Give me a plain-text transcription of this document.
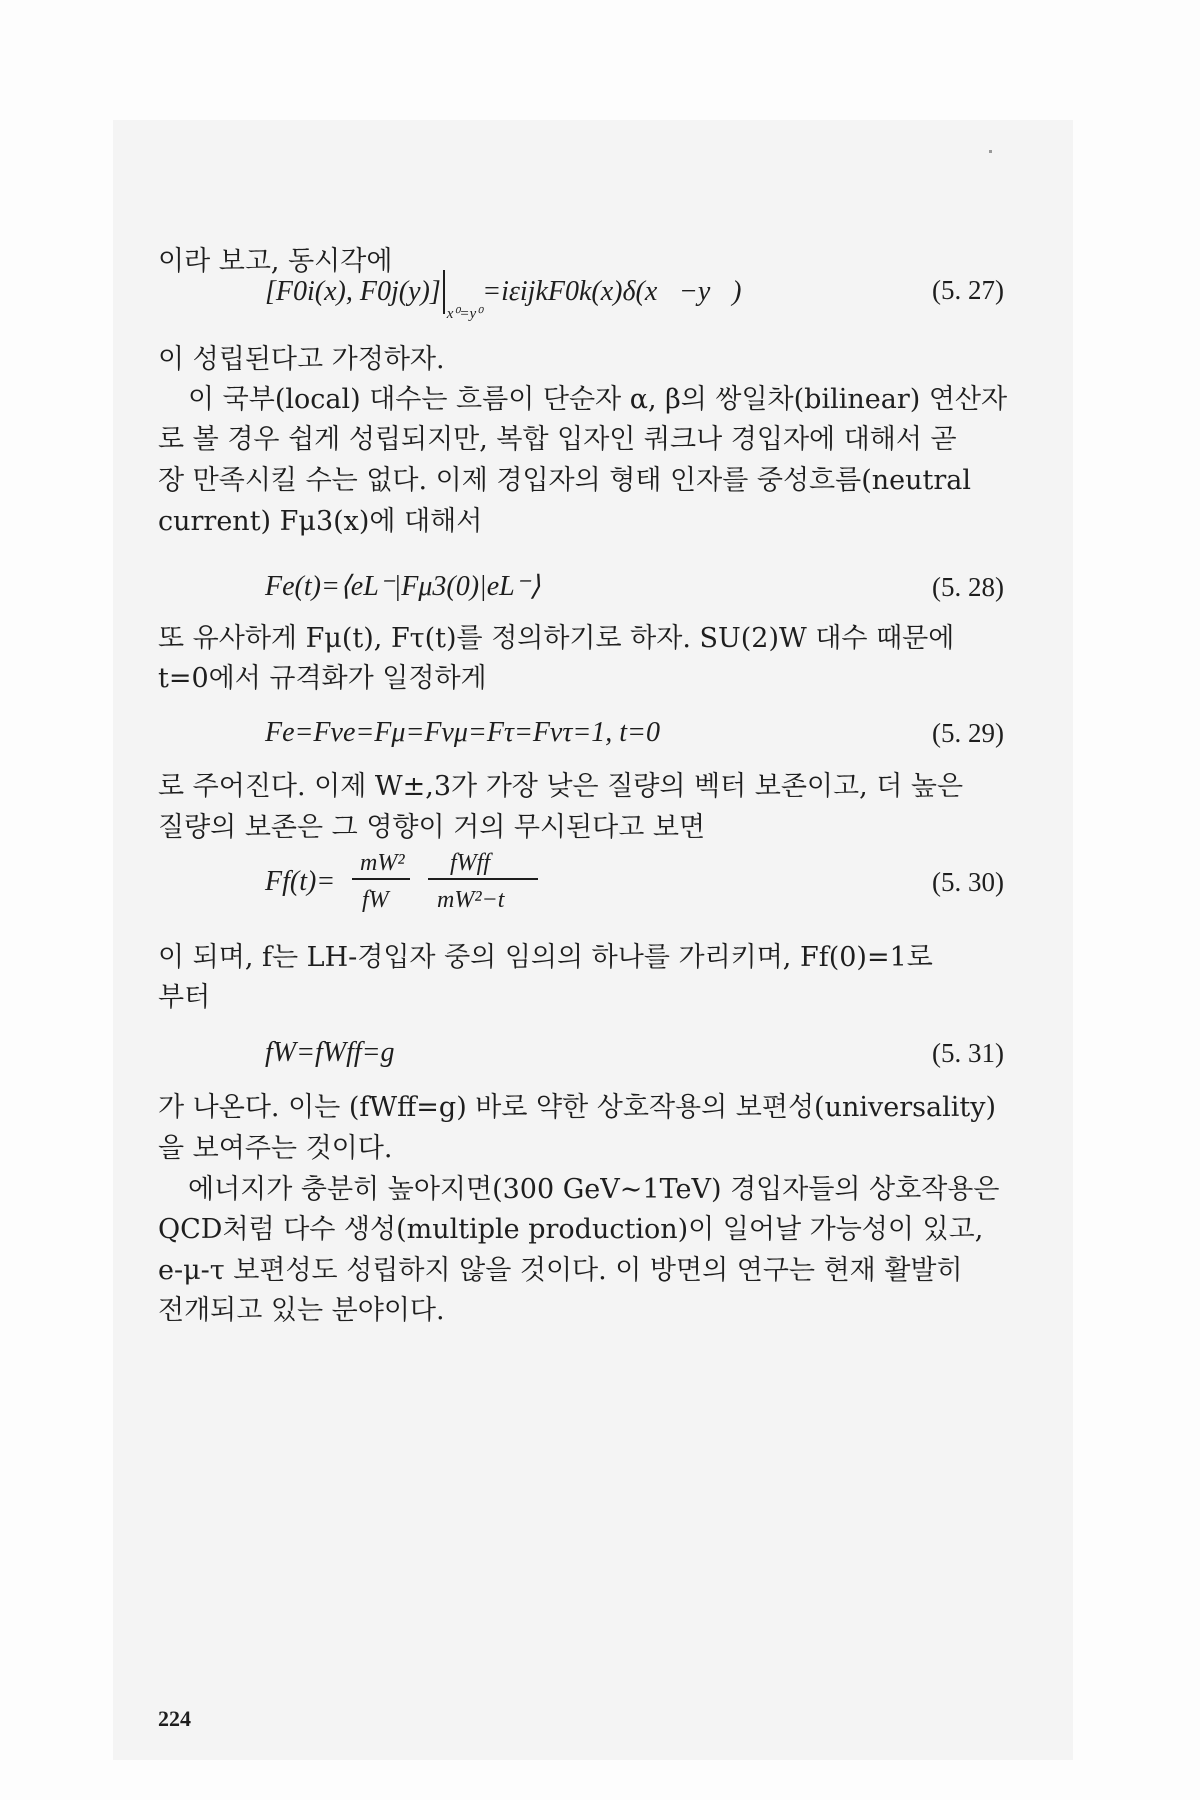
이라 보고, 동시각에
[F0i(x), $F0j(y)]_{x^0=y^0}=i\varepsilon ijkF0k(x)\delta(x⃗-y⃗)$	(5. 27)
이 성립된다고 가정하자.
이 국부(local) 대수는 흐름이 단순자 α, β의 쌍일차(bilinear) 연산자
로 볼 경우 쉽게 성립되지만, 복합 입자인 쿼크나 경입자에 대해서 곧
장 만족시킬 수는 없다. 이제 경입자의 형태 인자를 중성흐름(neutral
current) Fμ3(x)에 대해서
Fe(t)=⟨eL⁻|Fμ3(0)|eL⁻⟩	(5. 28)
또 유사하게 Fμ(t), Fτ(t)를 정의하기로 하자. SU(2)W 대수 때문에
t=0에서 규격화가 일정하게
Fe=Fνe=Fμ=Fνμ=Fτ=Fντ=1, t=0	(5. 29)
로 주어진다. 이제 W±,3가 가장 낮은 질량의 벡터 보존이고, 더 높은
질량의 보존은 그 영향이 거의 무시된다고 보면
Ff(t)=
mW²
fW
fWff
mW²−t
(5. 30)
이 되며, f는 LH-경입자 중의 임의의 하나를 가리키며, Ff(0)=1로
부터
fW=fWff=g	(5. 31)
가 나온다. 이는 (fWff=g) 바로 약한 상호작용의 보편성(universality)
을 보여주는 것이다.
에너지가 충분히 높아지면(300 GeV∼1TeV) 경입자들의 상호작용은
QCD처럼 다수 생성(multiple production)이 일어날 가능성이 있고,
e-μ-τ 보편성도 성립하지 않을 것이다. 이 방면의 연구는 현재 활발히
전개되고 있는 분야이다.
224
